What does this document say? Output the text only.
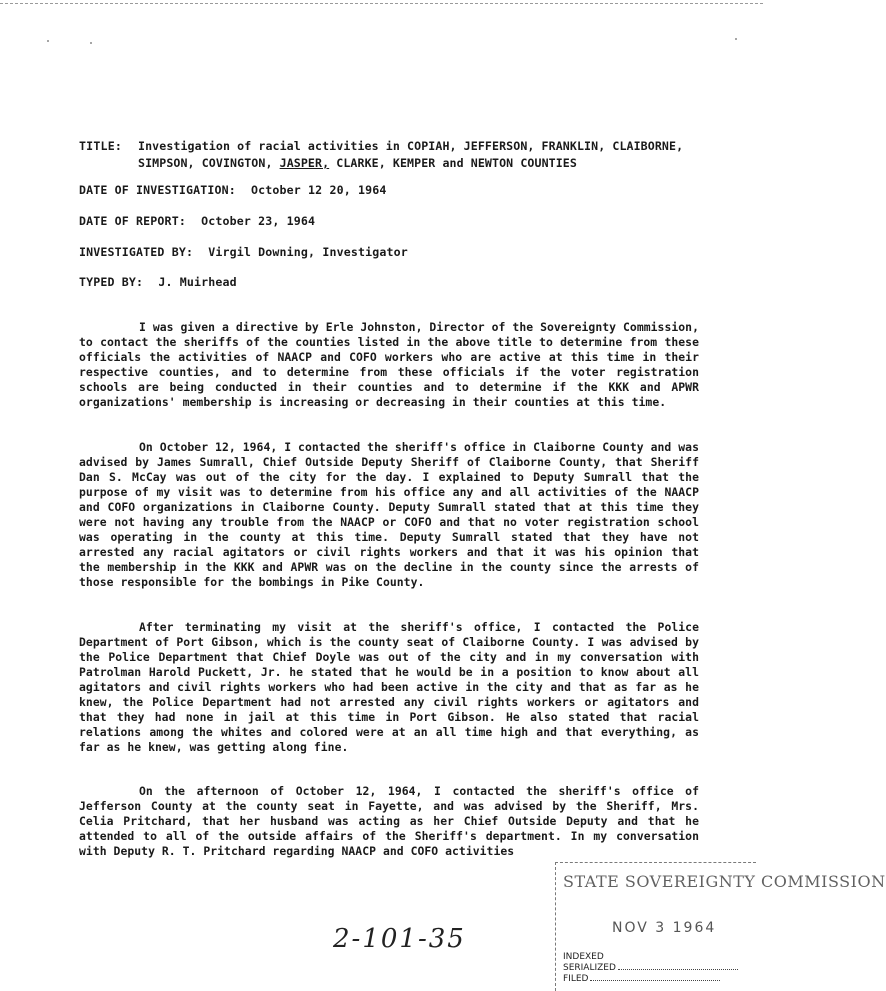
TITLE:	Investigation of racial activities in COPIAH, JEFFERSON, FRANKLIN, CLAIBORNE,
SIMPSON, COVINGTON, JASPER, CLARKE, KEMPER and NEWTON COUNTIES
DATE OF INVESTIGATION: October 12 20, 1964
DATE OF REPORT: October 23, 1964
INVESTIGATED BY: Virgil Downing, Investigator
TYPED BY: J. Muirhead

I was given a directive by Erle Johnston, Director of the Sovereignty Commission, to contact the sheriffs of the counties listed in the above title to determine from these officials the activities of NAACP and COFO workers who are active at this time in their respective counties, and to determine from these officials if the voter registration schools are being conducted in their counties and to determine if the KKK and APWR organizations' membership is increasing or decreasing in their counties at this time.

On October 12, 1964, I contacted the sheriff's office in Claiborne County and was advised by James Sumrall, Chief Outside Deputy Sheriff of Claiborne County, that Sheriff Dan S. McCay was out of the city for the day. I explained to Deputy Sumrall that the purpose of my visit was to determine from his office any and all activities of the NAACP and COFO organizations in Claiborne County. Deputy Sumrall stated that at this time they were not having any trouble from the NAACP or COFO and that no voter registration school was operating in the county at this time. Deputy Sumrall stated that they have not arrested any racial agitators or civil rights workers and that it was his opinion that the membership in the KKK and APWR was on the decline in the county since the arrests of those responsible for the bombings in Pike County.

After terminating my visit at the sheriff's office, I contacted the Police Department of Port Gibson, which is the county seat of Claiborne County. I was advised by the Police Department that Chief Doyle was out of the city and in my conversation with Patrolman Harold Puckett, Jr. he stated that he would be in a position to know about all agitators and civil rights workers who had been active in the city and that as far as he knew, the Police Department had not arrested any civil rights workers or agitators and that they had none in jail at this time in Port Gibson. He also stated that racial relations among the whites and colored were at an all time high and that everything, as far as he knew, was getting along fine.

On the afternoon of October 12, 1964, I contacted the sheriff's office of Jefferson County at the county seat in Fayette, and was advised by the Sheriff, Mrs. Celia Pritchard, that her husband was acting as her Chief Outside Deputy and that he attended to all of the outside affairs of the Sheriff's department. In my conversation with Deputy R. T. Pritchard regarding NAACP and COFO activities

STATE SOVEREIGNTY COMMISSION
NOV 3 1964
INDEXED
SERIALIZED
FILED
2-101-35
